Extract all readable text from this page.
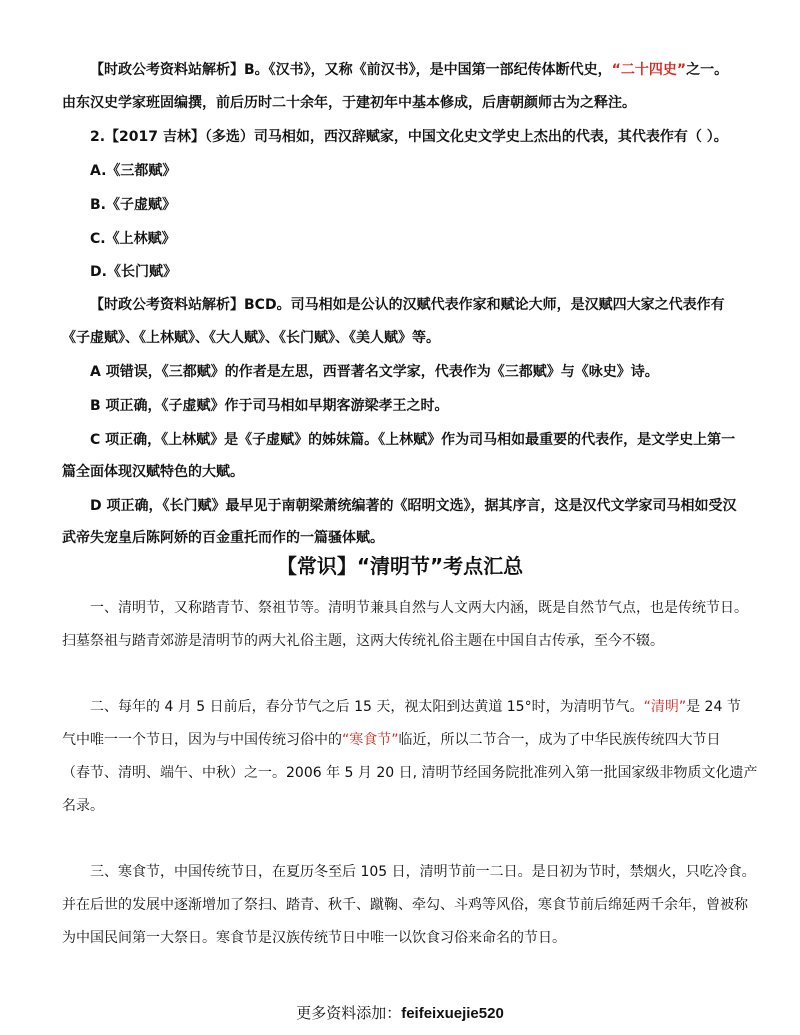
【时政公考资料站解析】B。《汉书》，又称《前汉书》，是中国第一部纪传体断代史，“二十四史”之一。
由东汉史学家班固编撰，前后历时二十余年，于建初年中基本修成，后唐朝颜师古为之释注。
2.【2017 吉林】（多选）司马相如，西汉辞赋家，中国文化史文学史上杰出的代表，其代表作有（ ）。
A.《三都赋》
B.《子虚赋》
C.《上林赋》
D.《长门赋》
【时政公考资料站解析】BCD。司马相如是公认的汉赋代表作家和赋论大师，是汉赋四大家之代表作有
《子虚赋》、《上林赋》、《大人赋》、《长门赋》、《美人赋》等。
A 项错误，《三都赋》的作者是左思，西晋著名文学家，代表作为《三都赋》与《咏史》诗。
B 项正确，《子虚赋》作于司马相如早期客游梁孝王之时。
C 项正确，《上林赋》是《子虚赋》的姊妹篇。《上林赋》作为司马相如最重要的代表作，是文学史上第一
篇全面体现汉赋特色的大赋。
D 项正确，《长门赋》最早见于南朝梁萧统编著的《昭明文选》，据其序言，这是汉代文学家司马相如受汉
武帝失宠皇后陈阿娇的百金重托而作的一篇骚体赋。
【常识】“清明节”考点汇总
一、清明节，又称踏青节、祭祖节等。清明节兼具自然与人文两大内涵，既是自然节气点，也是传统节日。
扫墓祭祖与踏青郊游是清明节的两大礼俗主题，这两大传统礼俗主题在中国自古传承，至今不辍。
二、每年的 4 月 5 日前后，春分节气之后 15 天，视太阳到达黄道 15°时，为清明节气。“清明”是 24 节
气中唯一一个节日，因为与中国传统习俗中的“寒食节”临近，所以二节合一，成为了中华民族传统四大节日
（春节、清明、端午、中秋）之一。2006 年 5 月 20 日, 清明节经国务院批准列入第一批国家级非物质文化遗产
名录。
三、寒食节，中国传统节日，在夏历冬至后 105 日，清明节前一二日。是日初为节时，禁烟火，只吃冷食。
并在后世的发展中逐渐增加了祭扫、踏青、秋千、蹴鞠、牵勾、斗鸡等风俗，寒食节前后绵延两千余年，曾被称
为中国民间第一大祭日。寒食节是汉族传统节日中唯一以饮食习俗来命名的节日。
更多资料添加：feifeixuejie520
